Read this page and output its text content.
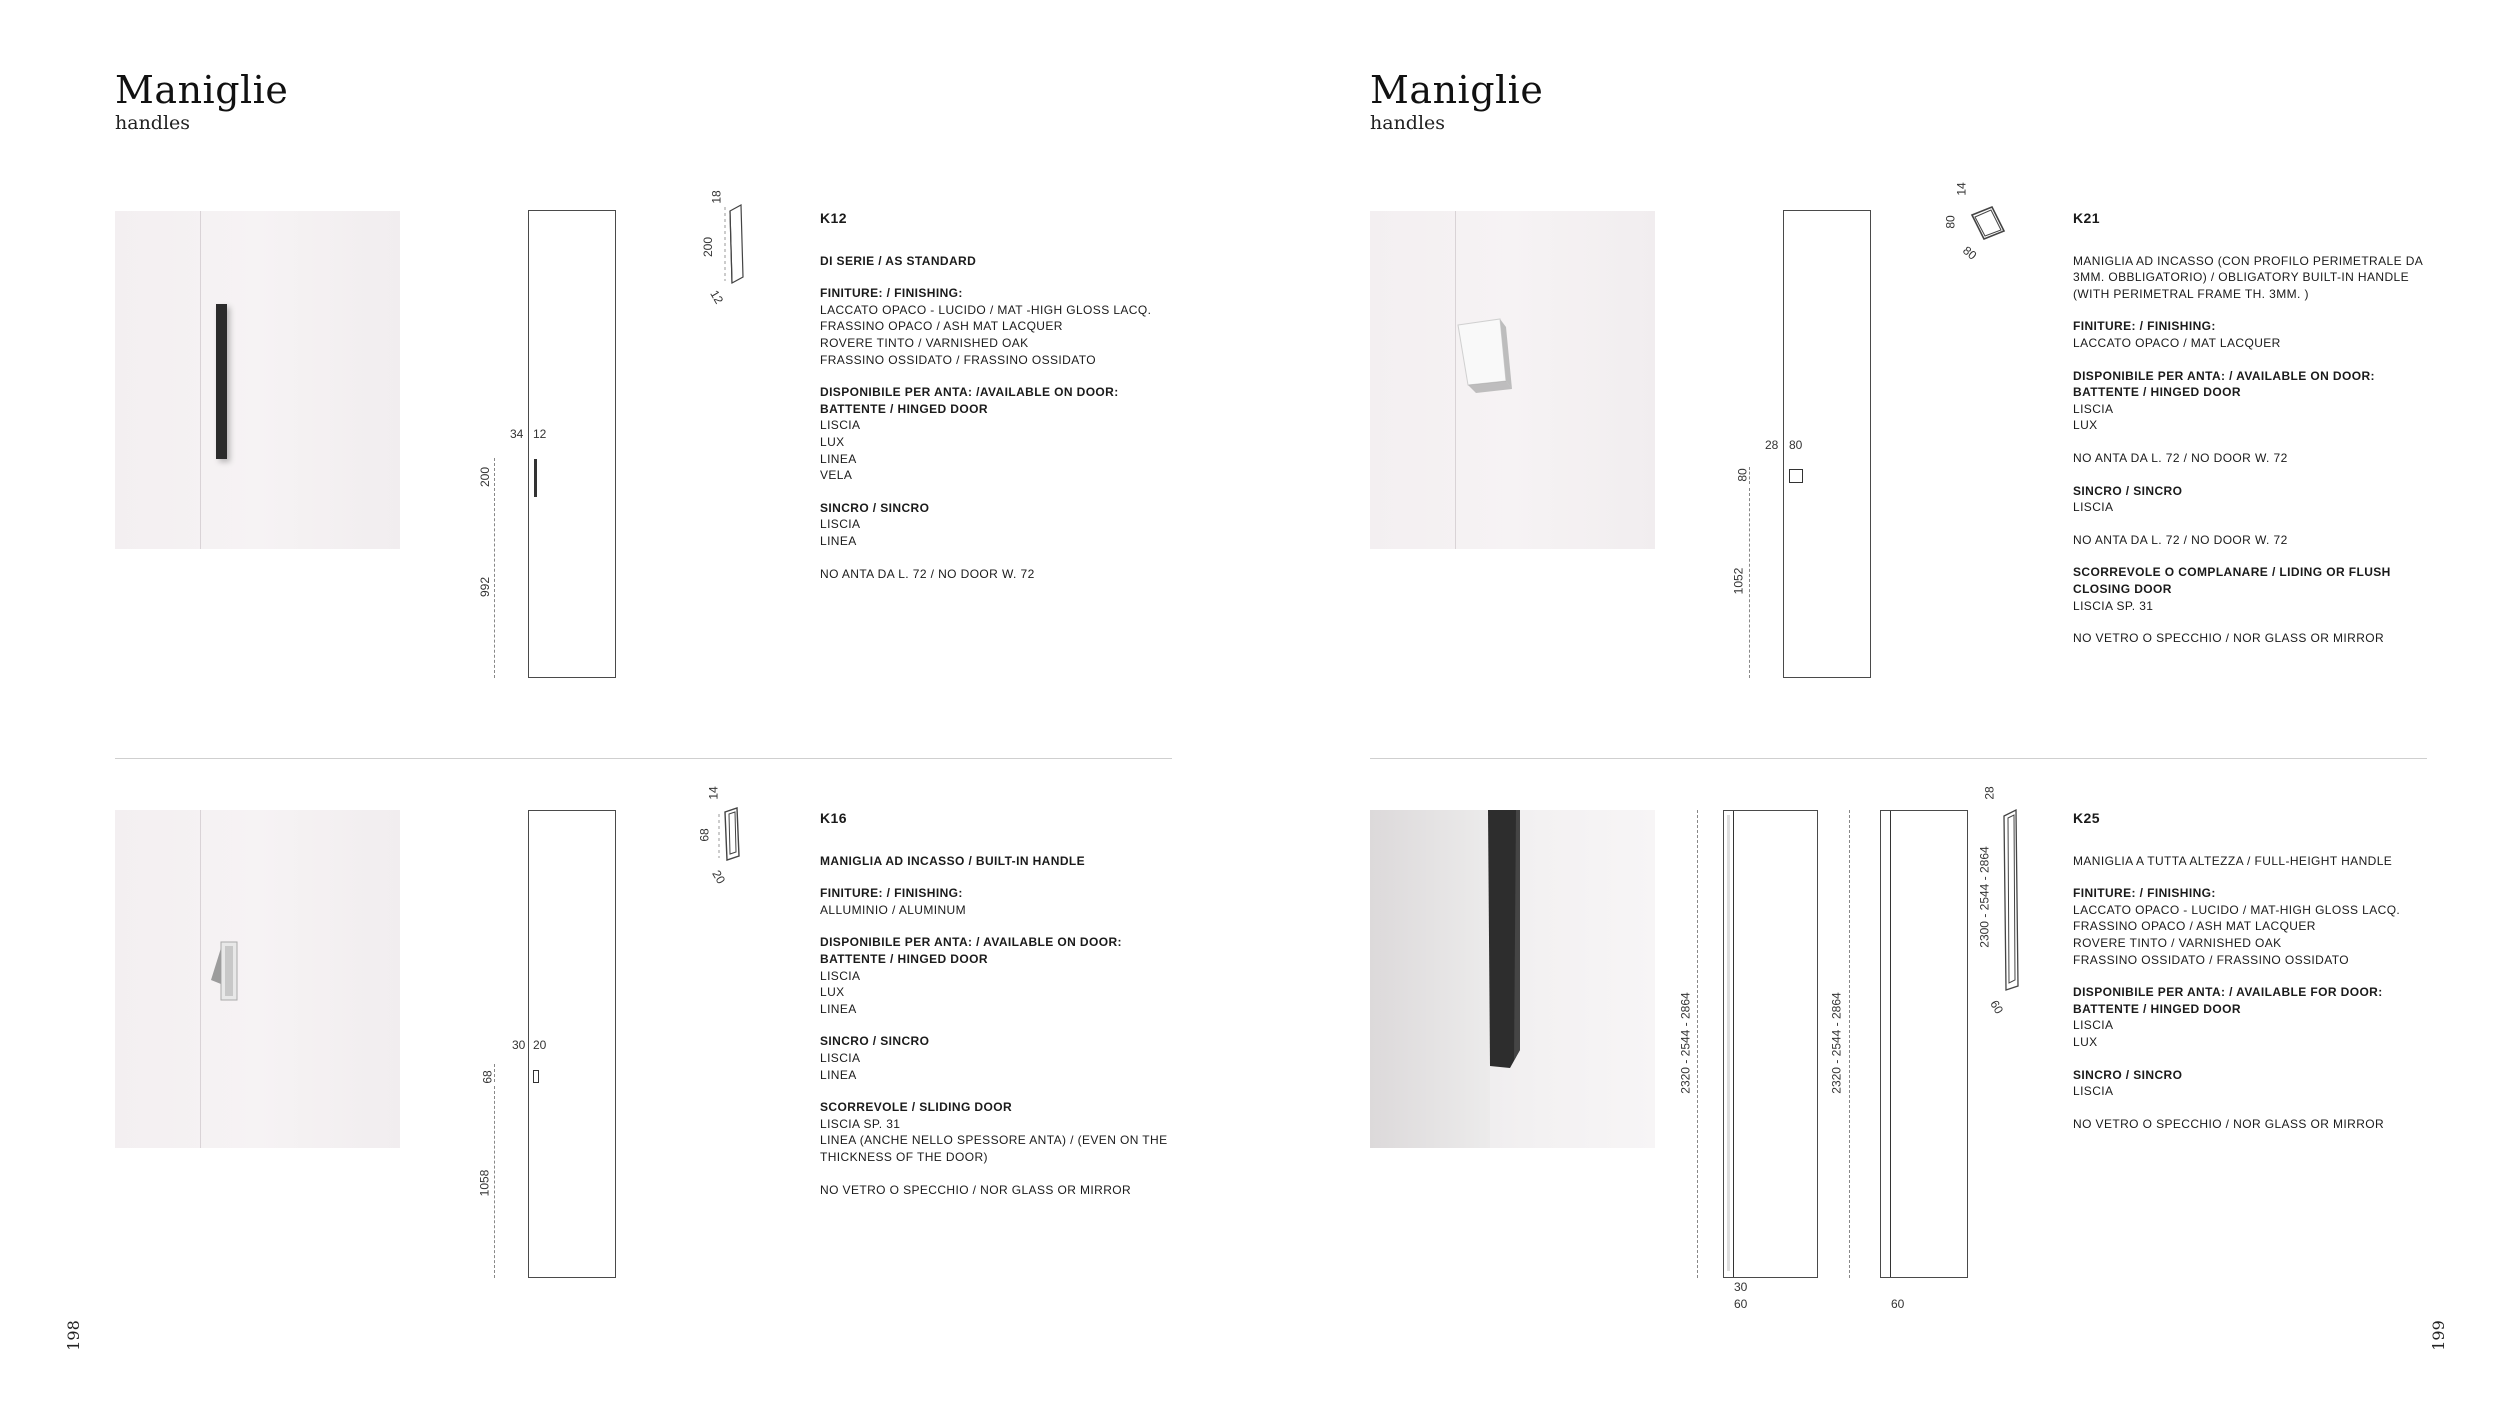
Maniglie
handles
Maniglie
handles
198	199
34 12
200
992
18
200
12
K12
DI SERIE / AS STANDARD
FINITURE: / FINISHING:
LACCATO OPACO - LUCIDO / MAT -HIGH GLOSS LACQ.
FRASSINO OPACO / ASH MAT LACQUER
ROVERE TINTO / VARNISHED OAK
FRASSINO OSSIDATO / FRASSINO OSSIDATO
DISPONIBILE PER ANTA: /AVAILABLE ON DOOR:
BATTENTE / HINGED DOOR
LISCIA
LUX
LINEA
VELA
SINCRO / SINCRO
LISCIA
LINEA
NO ANTA DA L. 72 / NO DOOR W. 72
28 80
80
1052
14
80
80
K21
MANIGLIA AD INCASSO (CON PROFILO PERIMETRALE DA
3MM. OBBLIGATORIO) / OBLIGATORY BUILT-IN HANDLE
(WITH PERIMETRAL FRAME TH. 3MM. )
FINITURE: / FINISHING:
LACCATO OPACO / MAT LACQUER
DISPONIBILE PER ANTA: / AVAILABLE ON DOOR:
BATTENTE / HINGED DOOR
LISCIA
LUX
NO ANTA DA L. 72 / NO DOOR W. 72
SINCRO / SINCRO
LISCIA
NO ANTA DA L. 72 / NO DOOR W. 72
SCORREVOLE O COMPLANARE / LIDING OR FLUSH
CLOSING DOOR
LISCIA SP. 31
NO VETRO O SPECCHIO / NOR GLASS OR MIRROR
30 20
68
1058
14
68
20
K16
MANIGLIA AD INCASSO / BUILT-IN HANDLE
FINITURE: / FINISHING:
ALLUMINIO / ALUMINUM
DISPONIBILE PER ANTA: / AVAILABLE ON DOOR:
BATTENTE / HINGED DOOR
LISCIA
LUX
LINEA
SINCRO / SINCRO
LISCIA
LINEA
SCORREVOLE / SLIDING DOOR
LISCIA SP. 31
LINEA (ANCHE NELLO SPESSORE ANTA) / (EVEN ON THE
THICKNESS OF THE DOOR)
NO VETRO O SPECCHIO / NOR GLASS OR MIRROR
2320 - 2544 - 2864	2320 - 2544 - 2864
30
60	60
28
2300 - 2544 - 2864
60
K25
MANIGLIA A TUTTA ALTEZZA / FULL-HEIGHT HANDLE
FINITURE: / FINISHING:
LACCATO OPACO - LUCIDO / MAT-HIGH GLOSS LACQ.
FRASSINO OPACO / ASH MAT LACQUER
ROVERE TINTO / VARNISHED OAK
FRASSINO OSSIDATO / FRASSINO OSSIDATO
DISPONIBILE PER ANTA: / AVAILABLE FOR DOOR:
BATTENTE / HINGED DOOR
LISCIA
LUX
SINCRO / SINCRO
LISCIA
NO VETRO O SPECCHIO / NOR GLASS OR MIRROR
